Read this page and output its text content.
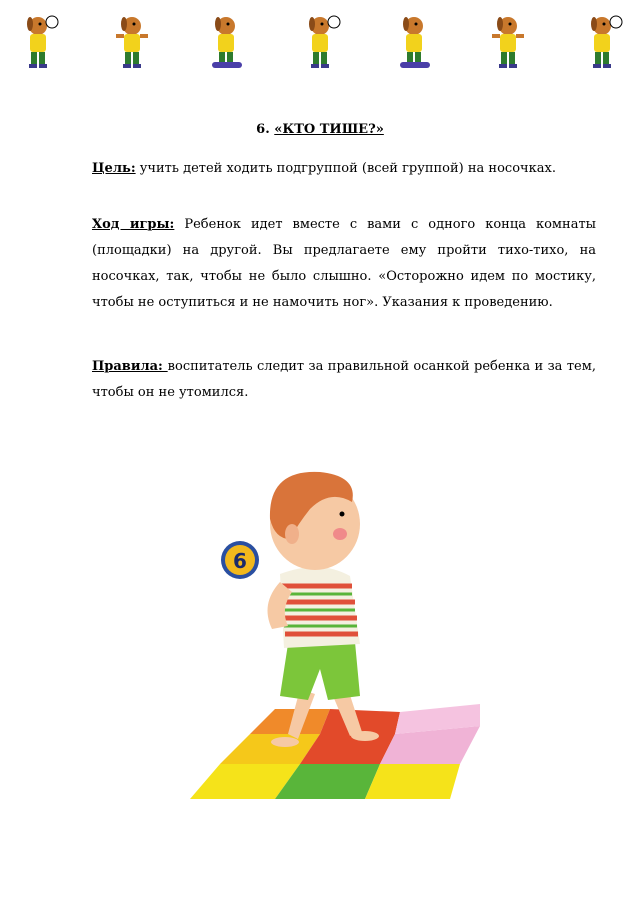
6. «КТО ТИШЕ?»
Цель: учить детей ходить подгруппой (всей группой) на носочках.
Ход игры: Ребенок идет вместе с вами с одного конца комнаты (площадки) на другой. Вы предлагаете ему пройти тихо-тихо, на носочках, так, чтобы не было слышно. «Осторожно идем по мостику, чтобы не оступиться и не намочить ног». Указания к проведению.
Правила: воспитатель следит за правильной осанкой ребенка и за тем, чтобы он не утомился.
6
